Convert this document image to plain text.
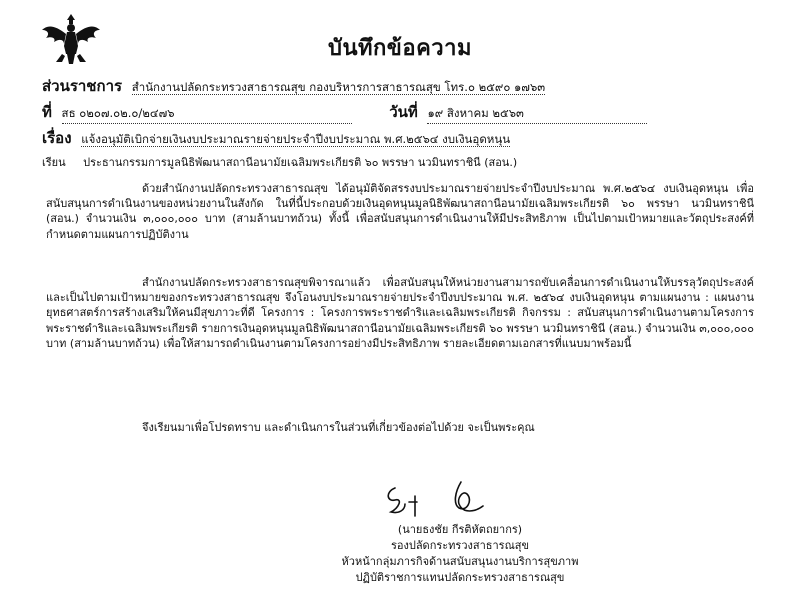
บันทึกข้อความ
ส่วนราชการ สำนักงานปลัดกระทรวงสาธารณสุข กองบริหารการสาธารณสุข โทร.๐ ๒๕๙๐ ๑๗๖๓
ที่ สธ ๐๒๐๗.๐๒.๐/๒๔๗๖	วันที่ ๑๙ สิงหาคม ๒๕๖๓
เรื่อง แจ้งอนุมัติเบิกจ่ายเงินงบประมาณรายจ่ายประจำปีงบประมาณ พ.ศ.๒๕๖๔ งบเงินอุดหนุน
เรียน ประธานกรรมการมูลนิธิพัฒนาสถานีอนามัยเฉลิมพระเกียรติ ๖๐ พรรษา นวมินทราชินี (สอน.)
ด้วยสำนักงานปลัดกระทรวงสาธารณสุข ได้อนุมัติจัดสรรงบประมาณรายจ่ายประจำปีงบประมาณ พ.ศ.๒๕๖๔ งบเงินอุดหนุน เพื่อสนับสนุนการดำเนินงานของหน่วยงานในสังกัด ในที่นี้ประกอบด้วยเงินอุดหนุนมูลนิธิพัฒนาสถานีอนามัยเฉลิมพระเกียรติ ๖๐ พรรษา นวมินทราชินี (สอน.) จำนวนเงิน ๓,๐๐๐,๐๐๐ บาท (สามล้านบาทถ้วน) ทั้งนี้ เพื่อสนับสนุนการดำเนินงานให้มีประสิทธิภาพ เป็นไปตามเป้าหมายและวัตถุประสงค์ที่กำหนดตามแผนการปฏิบัติงาน
สำนักงานปลัดกระทรวงสาธารณสุขพิจารณาแล้ว เพื่อสนับสนุนให้หน่วยงานสามารถขับเคลื่อนการดำเนินงานให้บรรลุวัตถุประสงค์และเป็นไปตามเป้าหมายของกระทรวงสาธารณสุข จึงโอนงบประมาณรายจ่ายประจำปีงบประมาณ พ.ศ. ๒๕๖๔ งบเงินอุดหนุน ตามแผนงาน : แผนงานยุทธศาสตร์การสร้างเสริมให้คนมีสุขภาวะที่ดี โครงการ : โครงการพระราชดำริและเฉลิมพระเกียรติ กิจกรรม : สนับสนุนการดำเนินงานตามโครงการพระราชดำริและเฉลิมพระเกียรติ รายการเงินอุดหนุนมูลนิธิพัฒนาสถานีอนามัยเฉลิมพระเกียรติ ๖๐ พรรษา นวมินทราชินี (สอน.) จำนวนเงิน ๓,๐๐๐,๐๐๐ บาท (สามล้านบาทถ้วน) เพื่อให้สามารถดำเนินงานตามโครงการอย่างมีประสิทธิภาพ รายละเอียดตามเอกสารที่แนบมาพร้อมนี้
จึงเรียนมาเพื่อโปรดทราบ และดำเนินการในส่วนที่เกี่ยวข้องต่อไปด้วย จะเป็นพระคุณ
(นายธงชัย กีรติหัตถยากร)
รองปลัดกระทรวงสาธารณสุข
หัวหน้ากลุ่มภารกิจด้านสนับสนุนงานบริการสุขภาพ
ปฏิบัติราชการแทนปลัดกระทรวงสาธารณสุข
